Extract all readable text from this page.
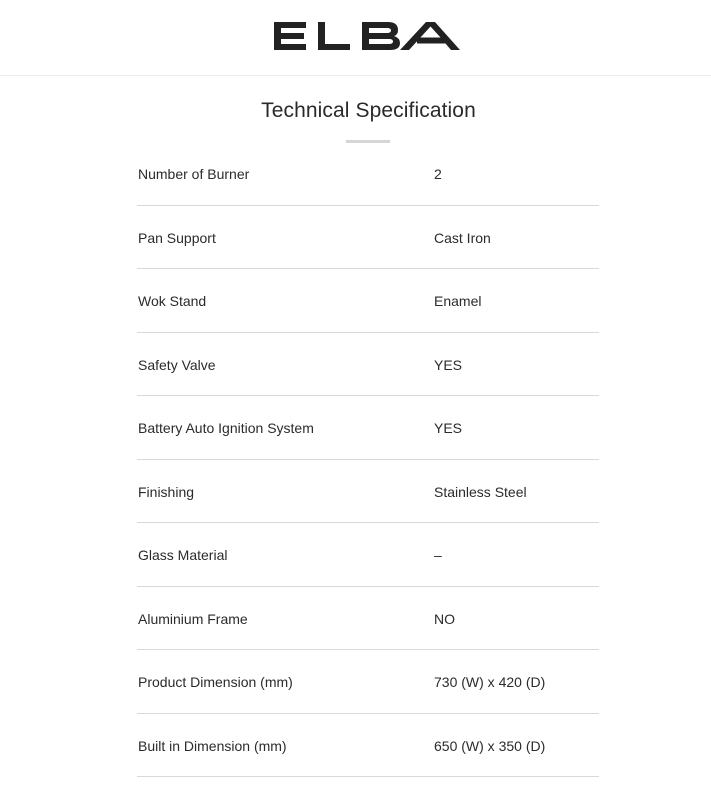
Technical Specification
Number of Burner	2
Pan Support	Cast Iron
Wok Stand	Enamel
Safety Valve	YES
Battery Auto Ignition System	YES
Finishing	Stainless Steel
Glass Material	–
Aluminium Frame	NO
Product Dimension (mm)	730 (W) x 420 (D)
Built in Dimension (mm)	650 (W) x 350 (D)
